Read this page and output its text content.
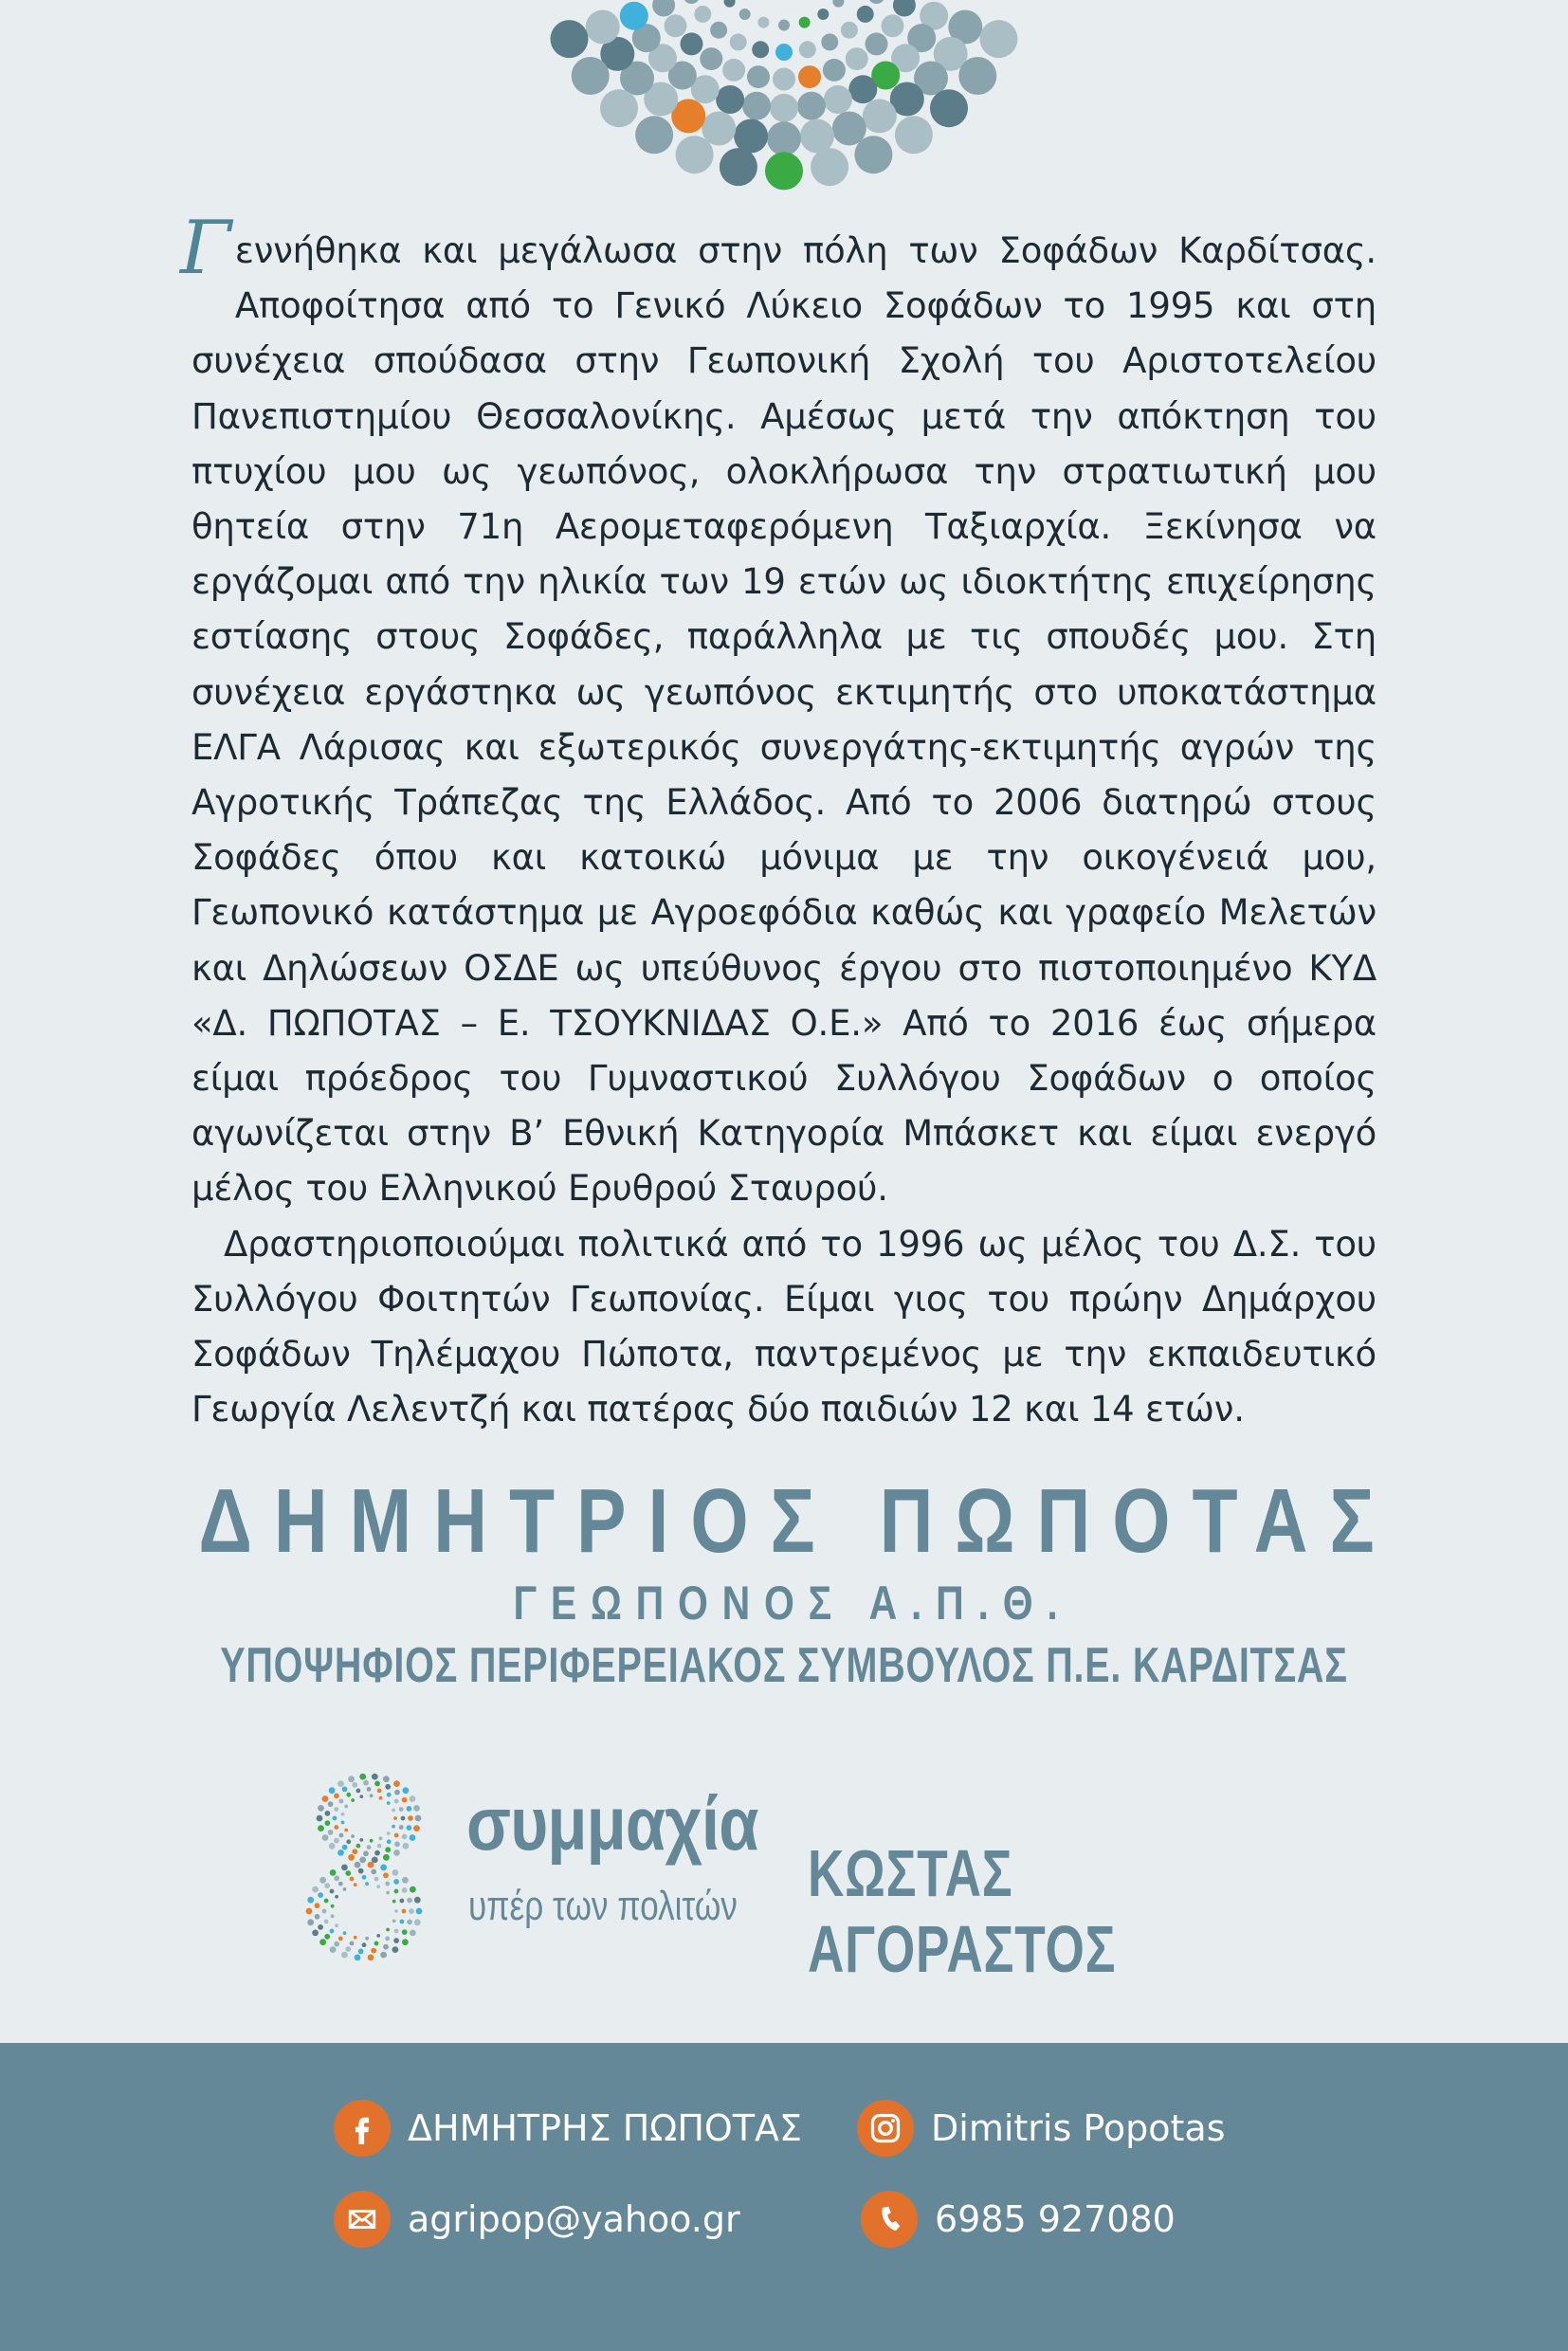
Γεννήθηκα και μεγάλωσα στην πόλη των Σοφάδων Καρδίτσας. Αποφοίτησα από το Γενικό Λύκειο Σοφάδων το 1995 και στη συνέχεια σπούδασα στην Γεωπονική Σχολή του Αριστοτελείου Πανεπιστημίου Θεσσαλονίκης. Αμέσως μετά την απόκτηση του πτυχίου μου ως γεωπόνος, ολοκλήρωσα την στρατιωτική μου θητεία στην 71η Αερομεταφερόμενη Ταξιαρχία. Ξεκίνησα να εργάζομαι από την ηλικία των 19 ετών ως ιδιοκτήτης επιχείρησης εστίασης στους Σοφάδες, παράλληλα με τις σπουδές μου. Στη συνέχεια εργάστηκα ως γεωπόνος εκτιμητής στο υποκατάστημα ΕΛΓΑ Λάρισας και εξωτερικός συνεργάτης-εκτιμητής αγρών της Αγροτικής Τράπεζας της Ελλάδος. Από το 2006 διατηρώ στους Σοφάδες όπου και κατοικώ μόνιμα με την οικογένειά μου, Γεωπονικό κατάστημα με Αγροεφόδια καθώς και γραφείο Μελετών και Δηλώσεων ΟΣΔΕ ως υπεύθυνος έργου στο πιστοποιημένο ΚΥΔ «Δ. ΠΩΠΟΤΑΣ – Ε. ΤΣΟΥΚΝΙΔΑΣ Ο.Ε.» Από το 2016 έως σήμερα είμαι πρόεδρος του Γυμναστικού Συλλόγου Σοφάδων ο οποίος αγωνίζεται στην Β’ Εθνική Κατηγορία Μπάσκετ και είμαι ενεργό μέλος του Ελληνικού Ερυθρού Σταυρού.

Δραστηριοποιούμαι πολιτικά από το 1996 ως μέλος του Δ.Σ. του Συλλόγου Φοιτητών Γεωπονίας. Είμαι γιος του πρώην Δημάρχου Σοφάδων Τηλέμαχου Πώποτα, παντρεμένος με την εκπαιδευτικό Γεωργία Λελεντζή και πατέρας δύο παιδιών 12 και 14 ετών.

ΔΗΜΗΤΡΙΟΣ ΠΩΠΟΤΑΣ
ΓΕΩΠΟΝΟΣ Α.Π.Θ.
ΥΠΟΨΗΦΙΟΣ ΠΕΡΙΦΕΡΕΙΑΚΟΣ ΣΥΜΒΟΥΛΟΣ Π.Ε. ΚΑΡΔΙΤΣΑΣ
συμμαχία
υπέρ των πολιτών ΚΩΣΤΑΣ ΑΓΟΡΑΣΤΟΣ
ΔΗΜΗΤΡΗΣ ΠΩΠΟΤΑΣ	Dimitris Popotas
agripop@yahoo.gr	6985 927080
